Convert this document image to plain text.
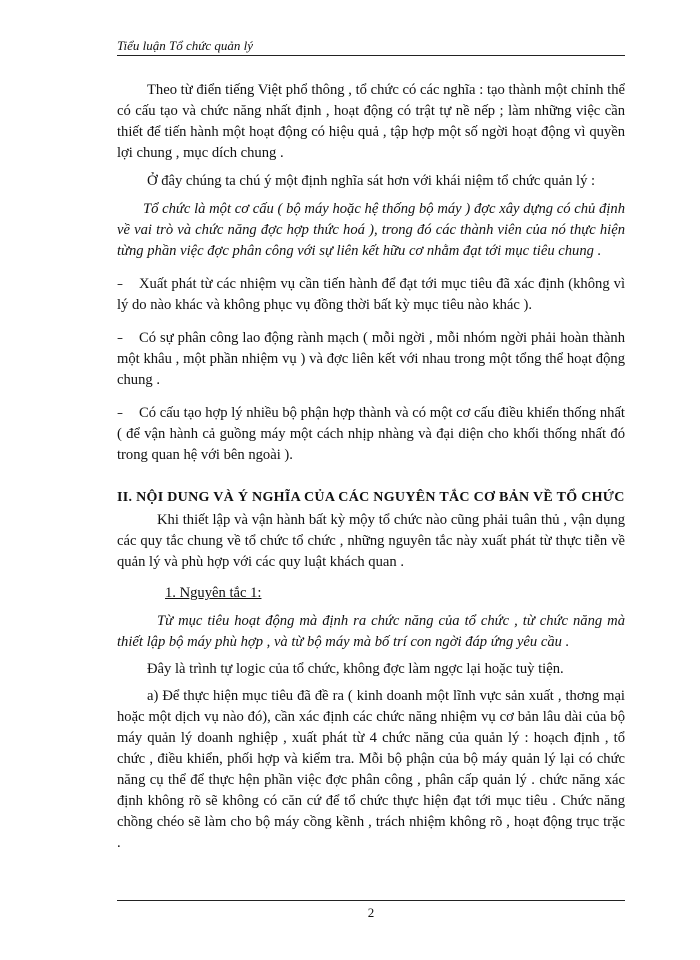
Tiểu luận Tổ chức quản lý

Theo từ điển tiếng Việt phổ thông , tổ chức có các nghĩa : tạo thành một chỉnh thể có cấu tạo và chức năng nhất định , hoạt động có trật tự nề nếp ; làm những việc cần thiết để tiến hành một hoạt động có hiệu quả , tập hợp một số ngời hoạt động vì quyền lợi chung , mục dích chung .

Ở đây chúng ta chú ý một định nghĩa sát hơn với khái niệm tổ chức quản lý :

Tổ chức là một cơ cấu ( bộ máy hoặc hệ thống bộ máy ) đợc xây dựng có chủ định về vai trò và chức năng đợc hợp thức hoá ), trong đó các thành viên của nó thực hiện từng phần việc đợc phân công với sự liên kết hữu cơ nhằm đạt tới mục tiêu chung .

– Xuất phát từ các nhiệm vụ cần tiến hành để đạt tới mục tiêu đã xác định (không vì lý do nào khác và không phục vụ đồng thời bất kỳ mục tiêu nào khác ).

– Có sự phân công lao động rành mạch ( mỗi ngời , mỗi nhóm ngời phải hoàn thành một khâu , một phần nhiệm vụ ) và đợc liên kết với nhau trong một tổng thể hoạt động chung .

– Có cấu tạo hợp lý nhiều bộ phận hợp thành và có một cơ cấu điều khiển thống nhất ( để vận hành cả guồng máy một cách nhịp nhàng và đại diện cho khối thống nhất đó trong quan hệ với bên ngoài ).

II. NỘI DUNG VÀ Ý NGHĨA CỦA CÁC NGUYÊN TẮC CƠ BẢN VỀ TỔ CHỨC

Khi thiết lập và vận hành bất kỳ mộy tổ chức nào cũng phải tuân thủ , vận dụng các quy tắc chung về tổ chức tổ chức , những nguyên tắc này xuất phát từ thực tiễn về quản lý và phù hợp với các quy luật khách quan .

1. Nguyên tắc 1:

Từ mục tiêu hoạt động mà định ra chức năng của tổ chức , từ chức năng mà thiết lập bộ máy phù hợp , và từ bộ máy mà bố trí con ngời đáp ứng yêu cầu .

Đây là trình tự logic của tổ chức, không đợc làm ngợc lại hoặc tuỳ tiện.

a) Để thực hiện mục tiêu đã đề ra ( kinh doanh một lĩnh vực sản xuất , thơng mại hoặc một dịch vụ nào đó), cần xác định các chức năng nhiệm vụ cơ bản lâu dài của bộ máy quản lý doanh nghiệp , xuất phát từ 4 chức năng của quản lý : hoạch định , tổ chức , điều khiển, phối hợp và kiểm tra. Mỗi bộ phận của bộ máy quản lý lại có chức năng cụ thể để thực hện phần việc đợc phân công , phân cấp quản lý . chức năng xác định không rõ sẽ không có căn cứ để tổ chức thực hiện đạt tới mục tiêu . Chức năng chồng chéo sẽ làm cho bộ máy cồng kềnh , trách nhiệm không rõ , hoạt động trục trặc .

2
